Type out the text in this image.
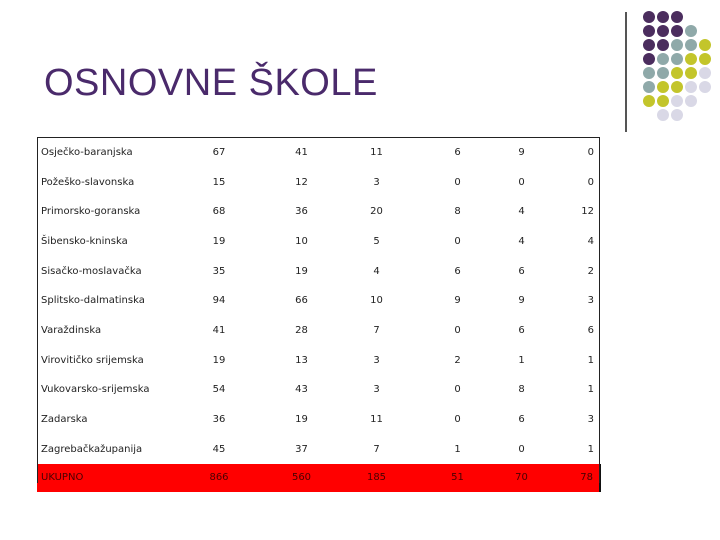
OSNOVNE ŠKOLE
Osječko-baranjska	67	41	11	6	9	0
Požeško-slavonska	15	12	3	0	0	0
Primorsko-goranska	68	36	20	8	4	12
Šibensko-kninska	19	10	5	0	4	4
Sisačko-moslavačka	35	19	4	6	6	2
Splitsko-dalmatinska	94	66	10	9	9	3
Varaždinska	41	28	7	0	6	6
Virovitičko srijemska	19	13	3	2	1	1
Vukovarsko-srijemska	54	43	3	0	8	1
Zadarska	36	19	11	0	6	3
Zagrebačkažupanija	45	37	7	1	0	1
UKUPNO	866	560	185	51	70	78
